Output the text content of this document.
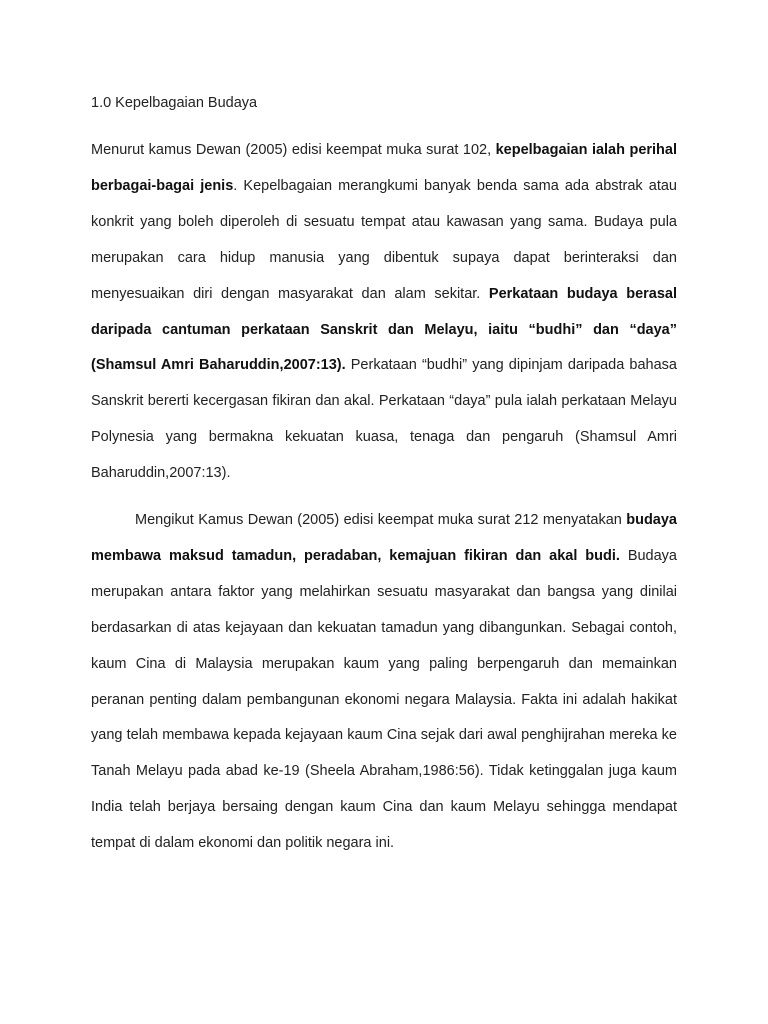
1.0 Kepelbagaian Budaya

Menurut kamus Dewan (2005) edisi keempat muka surat 102, kepelbagaian ialah perihal berbagai-bagai jenis. Kepelbagaian merangkumi banyak benda sama ada abstrak atau konkrit yang boleh diperoleh di sesuatu tempat atau kawasan yang sama. Budaya pula merupakan cara hidup manusia yang dibentuk supaya dapat berinteraksi dan menyesuaikan diri dengan masyarakat dan alam sekitar. Perkataan budaya berasal daripada cantuman perkataan Sanskrit dan Melayu, iaitu “budhi” dan “daya” (Shamsul Amri Baharuddin,2007:13). Perkataan “budhi” yang dipinjam daripada bahasa Sanskrit bererti kecergasan fikiran dan akal. Perkataan “daya” pula ialah perkataan Melayu Polynesia yang bermakna kekuatan kuasa, tenaga dan pengaruh (Shamsul Amri Baharuddin,2007:13).

Mengikut Kamus Dewan (2005) edisi keempat muka surat 212 menyatakan budaya membawa maksud tamadun, peradaban, kemajuan fikiran dan akal budi. Budaya merupakan antara faktor yang melahirkan sesuatu masyarakat dan bangsa yang dinilai berdasarkan di atas kejayaan dan kekuatan tamadun yang dibangunkan. Sebagai contoh, kaum Cina di Malaysia merupakan kaum yang paling berpengaruh dan memainkan peranan penting dalam pembangunan ekonomi negara Malaysia. Fakta ini adalah hakikat yang telah membawa kepada kejayaan kaum Cina sejak dari awal penghijrahan mereka ke Tanah Melayu pada abad ke-19 (Sheela Abraham,1986:56). Tidak ketinggalan juga kaum India telah berjaya bersaing dengan kaum Cina dan kaum Melayu sehingga mendapat tempat di dalam ekonomi dan politik negara ini.
